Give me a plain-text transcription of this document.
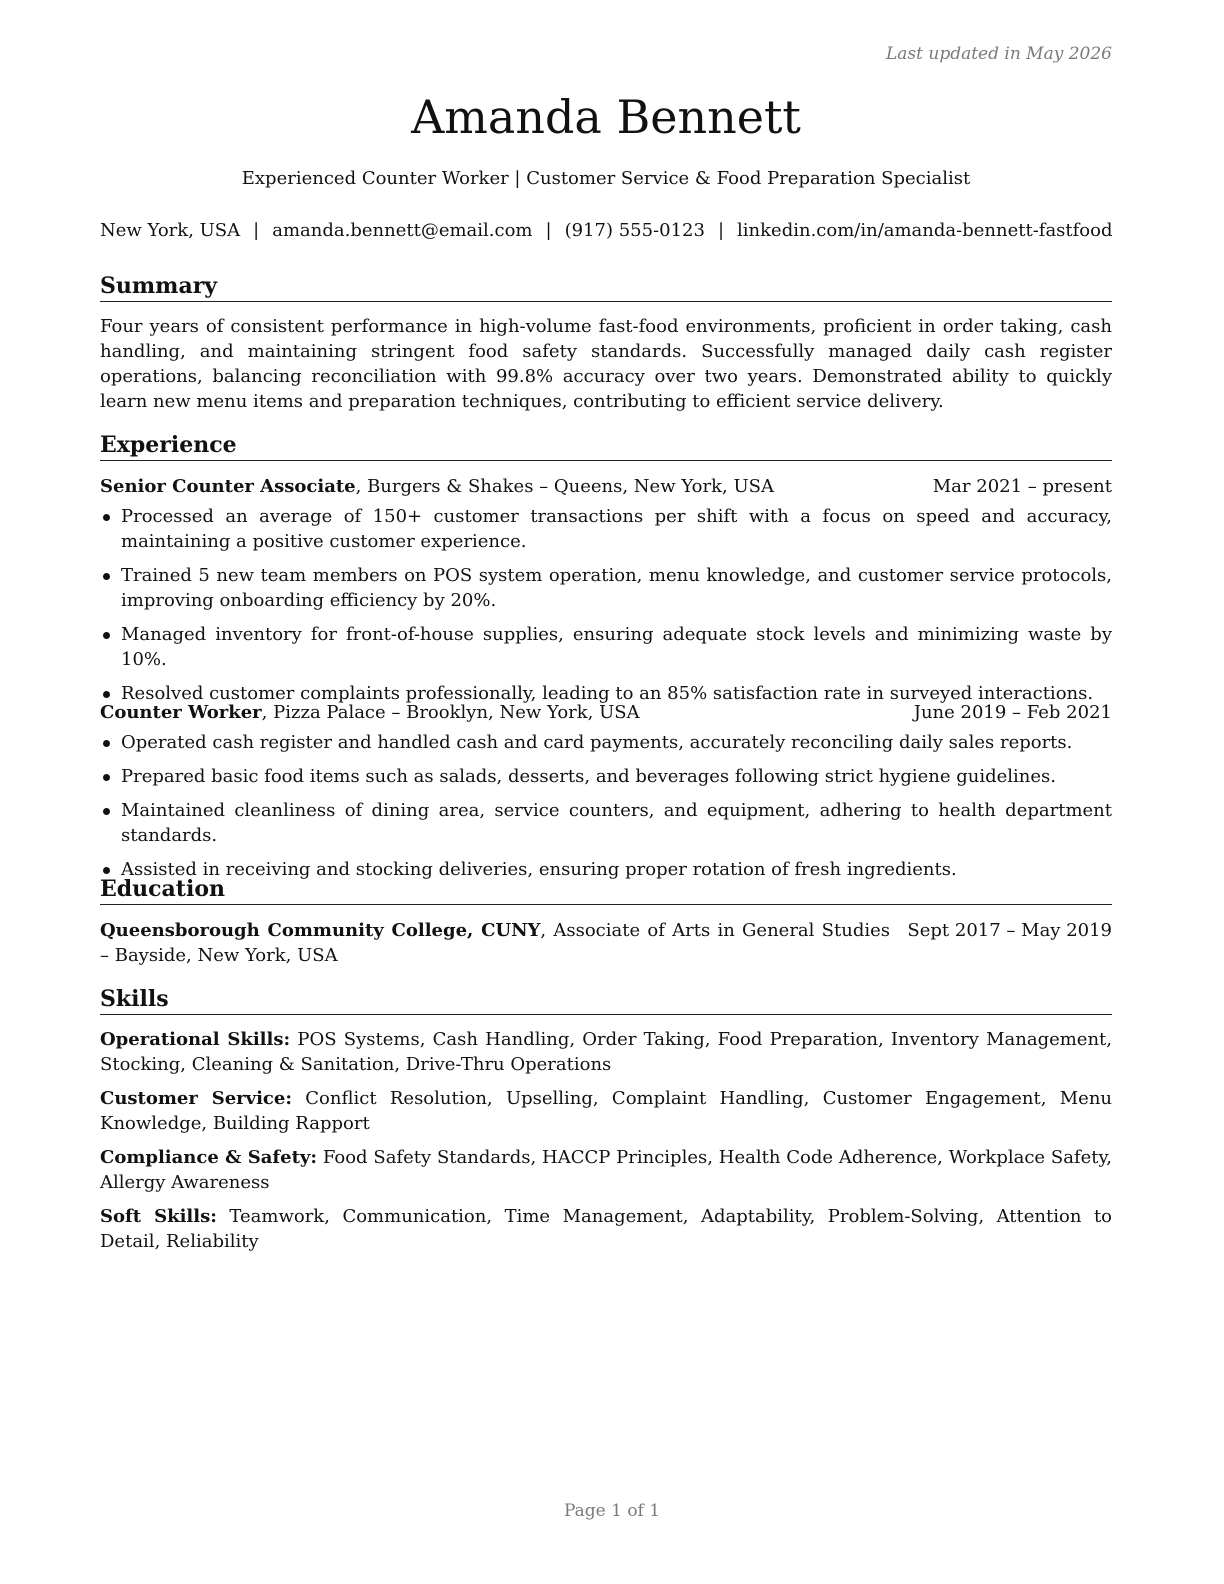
Last updated in May 2026
Amanda Bennett
Experienced Counter Worker | Customer Service & Food Preparation Specialist
New York, USA | amanda.bennett@email.com | (917) 555-0123 | linkedin.com/in/amanda-bennett-fastfood
Summary

Four years of consistent performance in high-volume fast-food environments, proficient in order taking, cash handling, and maintaining stringent food safety standards. Successfully managed daily cash register operations, balancing reconciliation with 99.8% accuracy over two years. Demonstrated ability to quickly learn new menu items and preparation techniques, contributing to efficient service delivery.

Experience
Senior Counter Associate, Burgers & Shakes – Queens, New York, USA	Mar 2021 – present
Processed an average of 150+ customer transactions per shift with a focus on speed and accuracy, maintaining a positive customer experience.
Trained 5 new team members on POS system operation, menu knowledge, and customer service protocols, improving onboarding efficiency by 20%.
Managed inventory for front-of-house supplies, ensuring adequate stock levels and minimizing waste by 10%.
Resolved customer complaints professionally, leading to an 85% satisfaction rate in surveyed interactions.
Counter Worker, Pizza Palace – Brooklyn, New York, USA	June 2019 – Feb 2021
Operated cash register and handled cash and card payments, accurately reconciling daily sales reports.
Prepared basic food items such as salads, desserts, and beverages following strict hygiene guidelines.
Maintained cleanliness of dining area, service counters, and equipment, adhering to health department standards.
Assisted in receiving and stocking deliveries, ensuring proper rotation of fresh ingredients.
Education
Queensborough Community College, CUNY, Associate of Arts in General Studies – Bayside, New York, USA
Sept 2017 – May 2019
Skills

Operational Skills: POS Systems, Cash Handling, Order Taking, Food Preparation, Inventory Management, Stocking, Cleaning & Sanitation, Drive-Thru Operations

Customer Service: Conflict Resolution, Upselling, Complaint Handling, Customer Engagement, Menu Knowledge, Building Rapport

Compliance & Safety: Food Safety Standards, HACCP Principles, Health Code Adherence, Workplace Safety, Allergy Awareness

Soft Skills: Teamwork, Communication, Time Management, Adaptability, Problem-Solving, Attention to Detail, Reliability

Page 1 of 1
